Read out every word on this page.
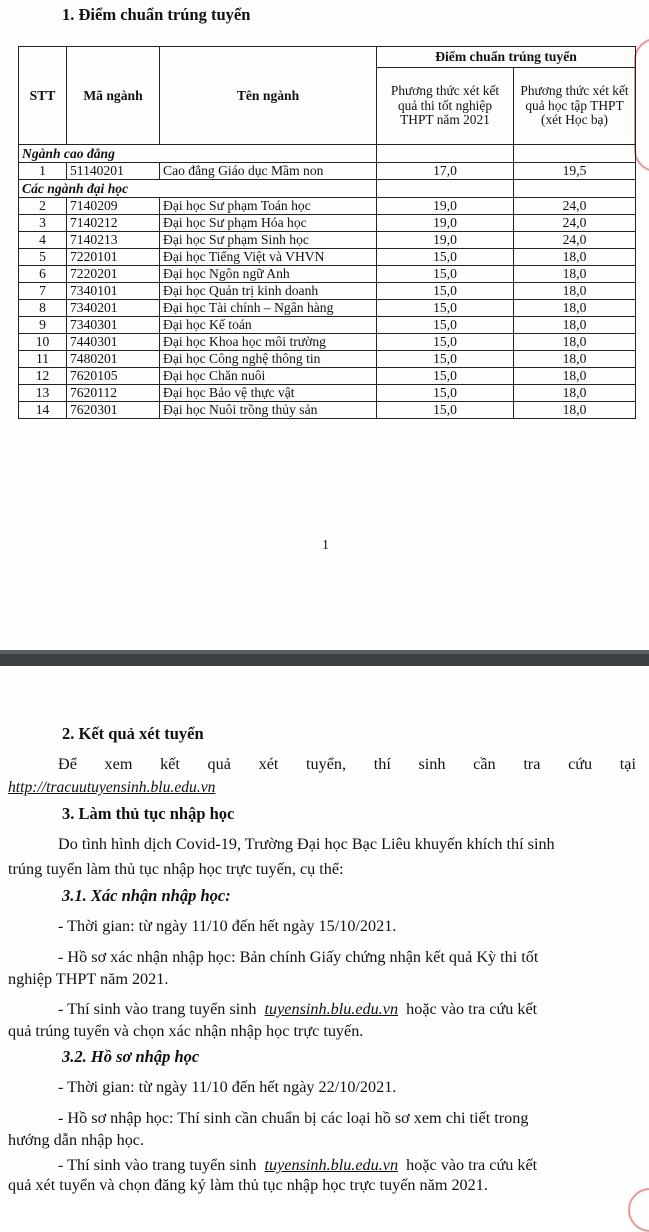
1. Điểm chuẩn trúng tuyển
STT	Mã ngành	Tên ngành	Điểm chuẩn trúng tuyển	
			Phương thức xét kết quả thi tốt nghiệp THPT năm 2021	Phương thức xét kết quả học tập THPT (xét Học bạ)
Ngành cao đẳng				
1	51140201	Cao đẳng Giáo dục Mầm non	17,0	19,5
Các ngành đại học				
2	7140209	Đại học Sư phạm Toán học	19,0	24,0
3	7140212	Đại học Sư phạm Hóa học	19,0	24,0
4	7140213	Đại học Sư phạm Sinh học	19,0	24,0
5	7220101	Đại học Tiếng Việt và VHVN	15,0	18,0
6	7220201	Đại học Ngôn ngữ Anh	15,0	18,0
7	7340101	Đại học Quản trị kinh doanh	15,0	18,0
8	7340201	Đại học Tài chính – Ngân hàng	15,0	18,0
9	7340301	Đại học Kế toán	15,0	18,0
10	7440301	Đại học Khoa học môi trường	15,0	18,0
11	7480201	Đại học Công nghệ thông tin	15,0	18,0
12	7620105	Đại học Chăn nuôi	15,0	18,0
13	7620112	Đại học Bảo vệ thực vật	15,0	18,0
14	7620301	Đại học Nuôi trồng thủy sản	15,0	18,0
1
2. Kết quả xét tuyển
Để xem kết quả xét tuyển, thí sinh cần tra cứu tại
http://tracuutuyensinh.blu.edu.vn
3. Làm thủ tục nhập học
Do tình hình dịch Covid-19, Trường Đại học Bạc Liêu khuyến khích thí sinh
trúng tuyển làm thủ tục nhập học trực tuyến, cụ thể:
3.1. Xác nhận nhập học:
- Thời gian: từ ngày 11/10 đến hết ngày 15/10/2021.
- Hồ sơ xác nhận nhập học: Bản chính Giấy chứng nhận kết quả Kỳ thi tốt
nghiệp THPT năm 2021.
- Thí sinh vào trang tuyển sinh tuyensinh.blu.edu.vn hoặc vào tra cứu kết
quả trúng tuyển và chọn xác nhận nhập học trực tuyến.
3.2. Hồ sơ nhập học
- Thời gian: từ ngày 11/10 đến hết ngày 22/10/2021.
- Hồ sơ nhập học: Thí sinh cần chuẩn bị các loại hồ sơ xem chi tiết trong
hướng dẫn nhập học.
- Thí sinh vào trang tuyển sinh tuyensinh.blu.edu.vn hoặc vào tra cứu kết
quả xét tuyển và chọn đăng ký làm thủ tục nhập học trực tuyến năm 2021.
